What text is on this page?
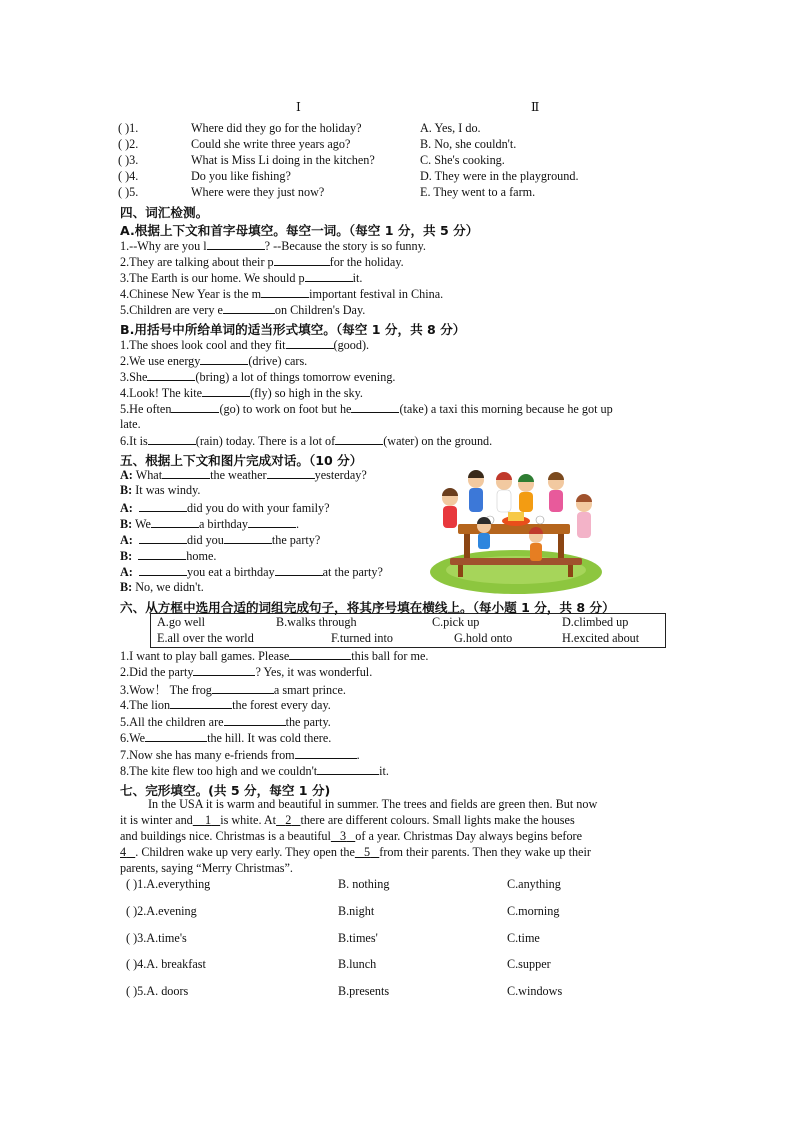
Ⅰ	Ⅱ
( )1.	Where did they go for the holiday?	A. Yes, I do.
( )2.	Could she write three years ago?	B. No, she couldn't.
( )3.	What is Miss Li doing in the kitchen?	C. She's cooking.
( )4.	Do you like fishing?	D. They were in the playground.
( )5.	Where were they just now?	E. They went to a farm.
四、词汇检测。
A.根据上下文和首字母填空。每空一词。（每空 1 分，共 5 分）
1.--Why are you l	? --Because the story is so funny.
2.They are talking about their p	for the holiday.
3.The Earth is our home. We should p	it.
4.Chinese New Year is the m	important festival in China.
5.Children are very e	on Children's Day.
B.用括号中所给单词的适当形式填空。（每空 1 分，共 8 分）
1.The shoes look cool and they fit	(good).
2.We use energy	(drive) cars.
3.She	(bring) a lot of things tomorrow evening.
4.Look! The kite	(fly) so high in the sky.
5.He often	(go) to work on foot but he	(take) a taxi this morning because he got up
late.
6.It is	(rain) today. There is a lot of	(water) on the ground.
五、根据上下文和图片完成对话。（10 分）
A: What	the weather	yesterday?
B: It was windy.
A:	did you do with your family?
B: We	a birthday	.
A:	did you	the party?
B:	home.
A:	you eat a birthday	at the party?
B: No, we didn't.
六、从方框中选用合适的词组完成句子，将其序号填在横线上。（每小题 1 分，共 8 分）
A.go well	B.walks through	C.pick up	D.climbed up
E.all over the world	F.turned into	G.hold onto	H.excited about
1.I want to play ball games. Please	this ball for me.
2.Did the party	? Yes, it was wonderful.
3.Wow！ The frog	a smart prince.
4.The lion	the forest every day.
5.All the children are	the party.
6.We	the hill. It was cold there.
7.Now she has many e-friends from	.
8.The kite flew too high and we couldn't	it.
七、完形填空。(共 5 分，每空 1 分)
In the USA it is warm and beautiful in summer. The trees and fields are green then. But now
it is winter and 1 is white. At 2 there are different colours. Small lights make the houses
and buildings nice. Christmas is a beautiful 3 of a year. Christmas Day always begins before
4 . Children wake up very early. They open the 5 from their parents. Then they wake up their
parents, saying “Merry Christmas”.
( )1.A.everything	B. nothing	C.anything
( )2.A.evening	B.night	C.morning
( )3.A.time's	B.times'	C.time
( )4.A. breakfast	B.lunch	C.supper
( )5.A. doors	B.presents	C.windows
